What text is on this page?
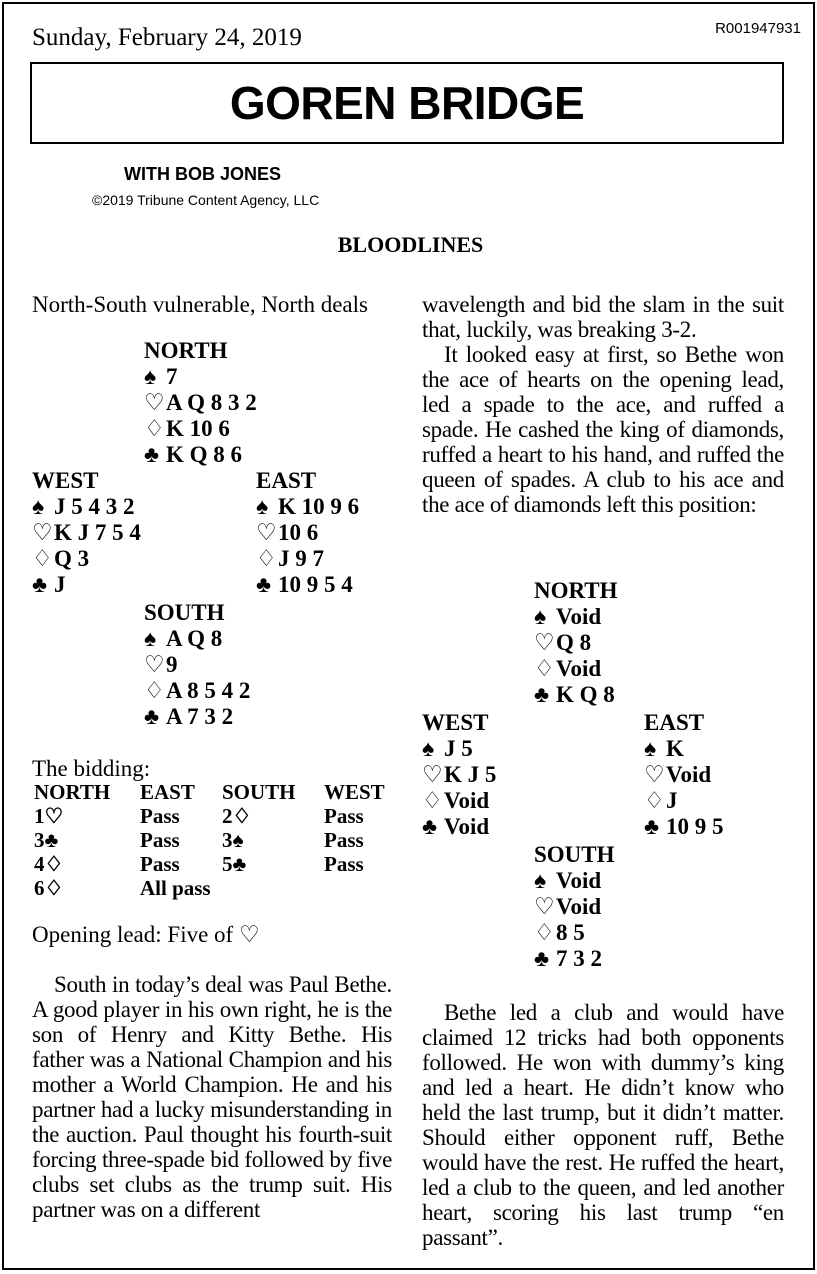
Sunday, February 24, 2019	R001947931
GOREN BRIDGE
WITH BOB JONES
©2019 Tribune Content Agency, LLC
BLOODLINES
North-South vulnerable, North deals
NORTH
♠ 7
♡A Q 8 3 2
♢K 10 6
♣ K Q 8 6
WEST
♠ J 5 4 3 2
♡K J 7 5 4
♢Q 3
♣ J
EAST
♠ K 10 9 6
♡10 6
♢J 9 7
♣ 10 9 5 4
SOUTH
♠ A Q 8
♡9
♢A 8 5 4 2
♣ A 7 3 2
The bidding:
NORTH EAST SOUTH WEST
1♡	Pass 2♢	Pass
3♣	Pass 3♠	Pass
4♢	Pass 5♣	Pass
6♢	All pass
Opening lead: Five of ♡

South in today’s deal was Paul Bethe. A good player in his own right, he is the son of Henry and Kitty Bethe. His father was a National Champion and his mother a World Champion. He and his partner had a lucky misunderstanding in the auction. Paul thought his fourth-suit forcing three-spade bid followed by five clubs set clubs as the trump suit. His partner was on a different

wavelength and bid the slam in the suit that, luckily, was breaking 3-2.

It looked easy at first, so Bethe won the ace of hearts on the opening lead, led a spade to the ace, and ruffed a spade. He cashed the king of diamonds, ruffed a heart to his hand, and ruffed the queen of spades. A club to his ace and the ace of diamonds left this position:

NORTH
♠ Void
♡Q 8
♢Void
♣ K Q 8
WEST
♠ J 5
♡K J 5
♢Void
♣ Void
EAST
♠ K
♡Void
♢J
♣ 10 9 5
SOUTH
♠ Void
♡Void
♢8 5
♣ 7 3 2

Bethe led a club and would have claimed 12 tricks had both opponents followed. He won with dummy’s king and led a heart. He didn’t know who held the last trump, but it didn’t matter. Should either opponent ruff, Bethe would have the rest. He ruffed the heart, led a club to the queen, and led another heart, scoring his last trump “en passant”.
